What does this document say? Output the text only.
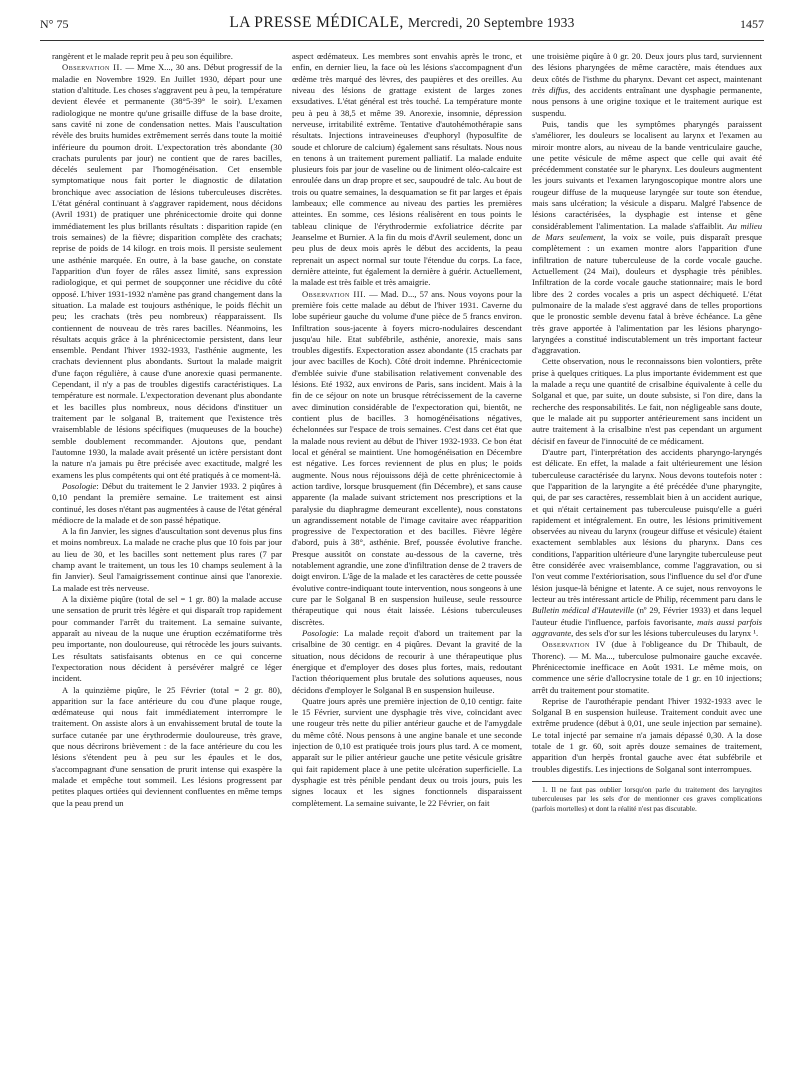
N° 75	LA PRESSE MÉDICALE, Mercredi, 20 Septembre 1933	1457

rangèrent et le malade reprit peu à peu son équilibre.

Observation II. — Mme X..., 30 ans. Début progressif de la maladie en Novembre 1929. En Juillet 1930, départ pour une station d'altitude. Les choses s'aggravent peu à peu, la température devient élevée et permanente (38°5-39° le soir). L'examen radiologique ne montre qu'une grisaille diffuse de la base droite, sans cavité ni zone de condensation nettes. Mais l'auscultation révèle des bruits humides extrêmement serrés dans toute la moitié inférieure du poumon droit. L'expectoration très abondante (30 crachats purulents par jour) ne contient que de rares bacilles, décelés seulement par l'homogénéisation. Cet ensemble symptomatique nous fait porter le diagnostic de dilatation bronchique avec association de lésions tuberculeuses discrètes. L'état général continuant à s'aggraver rapidement, nous décidons (Avril 1931) de pratiquer une phrénicectomie droite qui donne immédiatement les plus brillants résultats : disparition rapide (en trois semaines) de la fièvre; disparition complète des crachats; reprise de poids de 14 kilogr. en trois mois. Il persiste seulement une asthénie marquée. En outre, à la base gauche, on constate l'apparition d'un foyer de râles assez limité, sans expression radiologique, et qui permet de soupçonner une récidive du côté opposé. L'hiver 1931-1932 n'amène pas grand changement dans la situation. La malade est toujours asthénique, le poids fléchit un peu; les crachats (très peu nombreux) réapparaissent. Ils contiennent de nouveau de très rares bacilles. Néanmoins, les résultats acquis grâce à la phrénicectomie persistent, dans leur ensemble. Pendant l'hiver 1932-1933, l'asthénie augmente, les crachats deviennent plus abondants. Surtout la malade maigrit d'une façon régulière, à cause d'une anorexie quasi permanente. Cependant, il n'y a pas de troubles digestifs caractéristiques. La température est normale. L'expectoration devenant plus abondante et les bacilles plus nombreux, nous décidons d'instituer un traitement par le solganal B, traitement que l'existence très vraisemblable de lésions spécifiques (muqueuses de la bouche) semble doublement recommander. Ajoutons que, pendant l'automne 1930, la malade avait présenté un ictère persistant dont la nature n'a jamais pu être précisée avec exactitude, malgré les examens les plus compétents qui ont été pratiqués à ce moment-là.

Posologie: Début du traitement le 2 Janvier 1933. 2 piqûres à 0,10 pendant la première semaine. Le traitement est ainsi continué, les doses n'étant pas augmentées à cause de l'état général médiocre de la malade et de son passé hépatique.

A la fin Janvier, les signes d'auscultation sont devenus plus fins et moins nombreux. La malade ne crache plus que 10 fois par jour au lieu de 30, et les bacilles sont nettement plus rares (7 par champ avant le traitement, un tous les 10 champs seulement à la fin Janvier). Seul l'amaigrissement continue ainsi que l'anorexie. La malade est très nerveuse.

A la dixième piqûre (total de sel = 1 gr. 80) la malade accuse une sensation de prurit très légère et qui disparaît trop rapidement pour commander l'arrêt du traitement. La semaine suivante, apparaît au niveau de la nuque une éruption eczématiforme très peu importante, non douloureuse, qui rétrocède les jours suivants. Les résultats satisfaisants obtenus en ce qui concerne l'expectoration nous décident à persévérer malgré ce léger incident.

A la quinzième piqûre, le 25 Février (total = 2 gr. 80), apparition sur la face antérieure du cou d'une plaque rouge, œdémateuse qui nous fait immédiatement interrompre le traitement. On assiste alors à un envahissement brutal de toute la surface cutanée par une érythrodermie douloureuse, très grave, que nous décrirons brièvement : de la face antérieure du cou les lésions s'étendent peu à peu sur les épaules et le dos, s'accompagnant d'une sensation de prurit intense qui exaspère la malade et empêche tout sommeil. Les lésions progressent par petites plaques ortiées qui deviennent confluentes en même temps que la peau prend un

aspect œdémateux. Les membres sont envahis après le tronc, et enfin, en dernier lieu, la face où les lésions s'accompagnent d'un œdème très marqué des lèvres, des paupières et des oreilles. Au niveau des lésions de grattage existent de larges zones exsudatives. L'état général est très touché. La température monte peu à peu à 38,5 et même 39. Anorexie, insomnie, dépression nerveuse, irritabilité extrême. Tentative d'autohémothérapie sans résultats. Injections intraveineuses d'euphoryl (hyposulfite de soude et chlorure de calcium) également sans résultats. Nous nous en tenons à un traitement purement palliatif. La malade enduite plusieurs fois par jour de vaseline ou de liniment oléo-calcaire est enroulée dans un drap propre et sec, saupoudré de talc. Au bout de trois ou quatre semaines, la desquamation se fit par larges et épais lambeaux; elle commence au niveau des parties les premières atteintes. En somme, ces lésions réalisèrent en tous points le tableau clinique de l'érythrodermie exfoliatrice décrite par Jeanselme et Burnier. A la fin du mois d'Avril seulement, donc un peu plus de deux mois après le début des accidents, la peau reprenait un aspect normal sur toute l'étendue du corps. La face, dernière atteinte, fut également la dernière à guérir. Actuellement, la malade est très faible et très amaigrie.

Observation III. — Mad. D..., 57 ans. Nous voyons pour la première fois cette malade au début de l'hiver 1931. Caverne du lobe supérieur gauche du volume d'une pièce de 5 francs environ. Infiltration sous-jacente à foyers micro-nodulaires descendant jusqu'au hile. Etat subfébrile, asthénie, anorexie, mais sans troubles digestifs. Expectoration assez abondante (15 crachats par jour avec bacilles de Koch). Côté droit indemne. Phrénicectomie d'emblée suivie d'une stabilisation relativement convenable des lésions. Eté 1932, aux environs de Paris, sans incident. Mais à la fin de ce séjour on note un brusque rétrécissement de la caverne avec diminution considérable de l'expectoration qui, bientôt, ne contient plus de bacilles. 3 homogénéisations négatives, échelonnées sur l'espace de trois semaines. C'est dans cet état que la malade nous revient au début de l'hiver 1932-1933. Ce bon état local et général se maintient. Une homogénéisation en Décembre est négative. Les forces reviennent de plus en plus; le poids augmente. Nous nous réjouissons déjà de cette phrénicectomie à action tardive, lorsque brusquement (fin Décembre), et sans cause apparente (la malade suivant strictement nos prescriptions et la paralysie du diaphragme demeurant excellente), nous constatons un agrandissement notable de l'image cavitaire avec réapparition progressive de l'expectoration et des bacilles. Fièvre légère d'abord, puis à 38°, asthénie. Bref, poussée évolutive franche. Presque aussitôt on constate au-dessous de la caverne, très notablement agrandie, une zone d'infiltration dense de 2 travers de doigt environ. L'âge de la malade et les caractères de cette poussée évolutive contre-indiquant toute intervention, nous songeons à une cure par le Solganal B en suspension huileuse, seule ressource thérapeutique qui nous était laissée. Lésions tuberculeuses discrètes.

Posologie: La malade reçoit d'abord un traitement par la crisalbine de 30 centigr. en 4 piqûres. Devant la gravité de la situation, nous décidons de recourir à une thérapeutique plus énergique et d'employer des doses plus fortes, mais, redoutant l'action théoriquement plus brutale des solutions aqueuses, nous décidons d'employer le Solganal B en suspension huileuse.

Quatre jours après une première injection de 0,10 centigr. faite le 15 Février, survient une dysphagie très vive, coïncidant avec une rougeur très nette du pilier antérieur gauche et de l'amygdale du même côté. Nous pensons à une angine banale et une seconde injection de 0,10 est pratiquée trois jours plus tard. A ce moment, apparaît sur le pilier antérieur gauche une petite vésicule grisâtre qui fait rapidement place à une petite ulcération superficielle. La dysphagie est très pénible pendant deux ou trois jours, puis les signes locaux et les signes fonctionnels disparaissent complètement. La semaine suivante, le 22 Février, on fait

une troisième piqûre à 0 gr. 20. Deux jours plus tard, surviennent des lésions pharyngées de même caractère, mais étendues aux deux côtés de l'isthme du pharynx. Devant cet aspect, maintenant très diffus, des accidents entraînant une dysphagie permanente, nous pensons à une origine toxique et le traitement aurique est suspendu.

Puis, tandis que les symptômes pharyngés paraissent s'améliorer, les douleurs se localisent au larynx et l'examen au miroir montre alors, au niveau de la bande ventriculaire gauche, une petite vésicule de même aspect que celle qui avait été précédemment constatée sur le pharynx. Les douleurs augmentent les jours suivants et l'examen laryngoscopique montre alors une rougeur diffuse de la muqueuse laryngée sur toute son étendue, mais sans ulcération; la vésicule a disparu. Malgré l'absence de lésions caractérisées, la dysphagie est intense et gêne considérablement l'alimentation. La malade s'affaiblit. Au milieu de Mars seulement, la voix se voile, puis disparaît presque complètement : un examen montre alors l'apparition d'une infiltration de nature tuberculeuse de la corde vocale gauche. Actuellement (24 Mai), douleurs et dysphagie très pénibles. Infiltration de la corde vocale gauche stationnaire; mais le bord libre des 2 cordes vocales a pris un aspect déchiqueté. L'état pulmonaire de la malade s'est aggravé dans de telles proportions que le pronostic semble devenu fatal à brève échéance. La gêne très grave apportée à l'alimentation par les lésions pharyngo-laryngées a constitué indiscutablement un très important facteur d'aggravation.

Cette observation, nous le reconnaissons bien volontiers, prête prise à quelques critiques. La plus importante évidemment est que la malade a reçu une quantité de crisalbine équivalente à celle du Solganal et que, par suite, un doute subsiste, si l'on dire, dans la recherche des responsabilités. Le fait, non négligeable sans doute, que le malade ait pu supporter antérieurement sans incident un autre traitement à la crisalbine n'est pas cependant un argument décisif en faveur de l'innocuité de ce médicament.

D'autre part, l'interprétation des accidents pharyngo-laryngés est délicate. En effet, la malade a fait ultérieurement une lésion tuberculeuse caractérisée du larynx. Nous devons toutefois noter : que l'apparition de la laryngite a été précédée d'une pharyngite, qui, de par ses caractères, ressemblait bien à un accident aurique, et qui n'était certainement pas tuberculeuse puisqu'elle a guéri rapidement et intégralement. En outre, les lésions primitivement observées au niveau du larynx (rougeur diffuse et vésicule) étaient exactement semblables aux lésions du pharynx. Dans ces conditions, l'apparition ultérieure d'une laryngite tuberculeuse peut être considérée avec vraisemblance, comme l'aggravation, ou si l'on veut comme l'extériorisation, sous l'influence du sel d'or d'une lésion jusque-là bénigne et latente. A ce sujet, nous renvoyons le lecteur au très intéressant article de Philip, récemment paru dans le Bulletin médical d'Hauteville (nº 29, Février 1933) et dans lequel l'auteur étudie l'influence, parfois favorisante, mais aussi parfois aggravante, des sels d'or sur les lésions tuberculeuses du larynx ¹.

Observation IV (due à l'obligeance du Dr Thibault, de Thorenc). — M. Ma..., tuberculose pulmonaire gauche excavée. Phrénicectomie inefficace en Août 1931. Le même mois, on commence une série d'allocrysine totale de 1 gr. en 10 injections; arrêt du traitement pour stomatite.

Reprise de l'aurothérapie pendant l'hiver 1932-1933 avec le Solganal B en suspension huileuse. Traitement conduit avec une extrême prudence (début à 0,01, une seule injection par semaine). Le total injecté par semaine n'a jamais dépassé 0,30. A la dose totale de 1 gr. 60, soit après douze semaines de traitement, apparition d'un herpès frontal gauche avec état subfébrile et troubles digestifs. Les injections de Solganal sont interrompues.

1. Il ne faut pas oublier lorsqu'on parle du traitement des laryngites tuberculeuses par les sels d'or de mentionner ces graves complications (parfois mortelles) et dont la réalité n'est pas discutable.
